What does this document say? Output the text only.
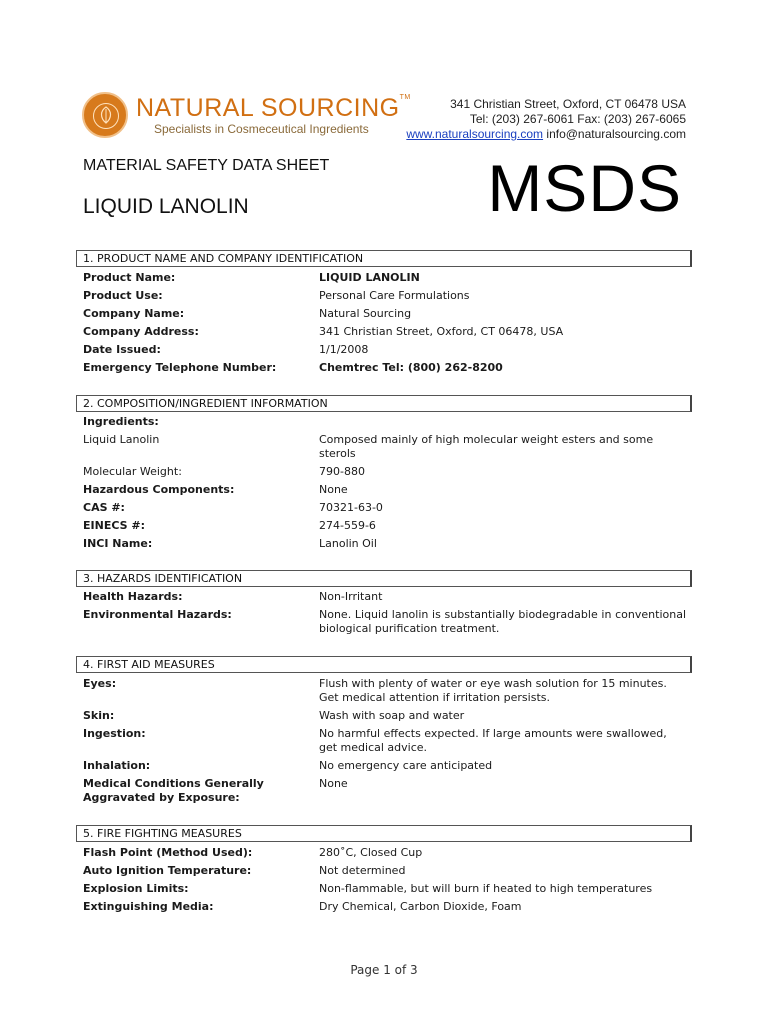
NATURAL SOURCING™
Specialists in Cosmeceutical Ingredients
341 Christian Street, Oxford, CT 06478 USA
Tel: (203) 267-6061 Fax: (203) 267-6065
www.naturalsourcing.com info@naturalsourcing.com
MATERIAL SAFETY DATA SHEET
LIQUID LANOLIN	MSDS
1. PRODUCT NAME AND COMPANY IDENTIFICATION
Product Name:	LIQUID LANOLIN
Product Use:	Personal Care Formulations
Company Name:	Natural Sourcing
Company Address:	341 Christian Street, Oxford, CT 06478, USA
Date Issued:	1/1/2008
Emergency Telephone Number:	Chemtrec Tel: (800) 262-8200
2. COMPOSITION/INGREDIENT INFORMATION
Ingredients:
Liquid Lanolin	Composed mainly of high molecular weight esters and some sterols
Molecular Weight:	790-880
Hazardous Components:	None
CAS #:	70321-63-0
EINECS #:	274-559-6
INCI Name:	Lanolin Oil
3. HAZARDS IDENTIFICATION
Health Hazards:	Non-Irritant
Environmental Hazards:	None. Liquid lanolin is substantially biodegradable in conventional biological purification treatment.
4. FIRST AID MEASURES
Eyes:	Flush with plenty of water or eye wash solution for 15 minutes. Get medical attention if irritation persists.
Skin:	Wash with soap and water
Ingestion:	No harmful effects expected. If large amounts were swallowed, get medical advice.
Inhalation:	No emergency care anticipated
Medical Conditions Generally Aggravated by Exposure:
None
5. FIRE FIGHTING MEASURES
Flash Point (Method Used):	280˚C, Closed Cup
Auto Ignition Temperature:	Not determined
Explosion Limits:	Non-flammable, but will burn if heated to high temperatures
Extinguishing Media:	Dry Chemical, Carbon Dioxide, Foam
Page 1 of 3
